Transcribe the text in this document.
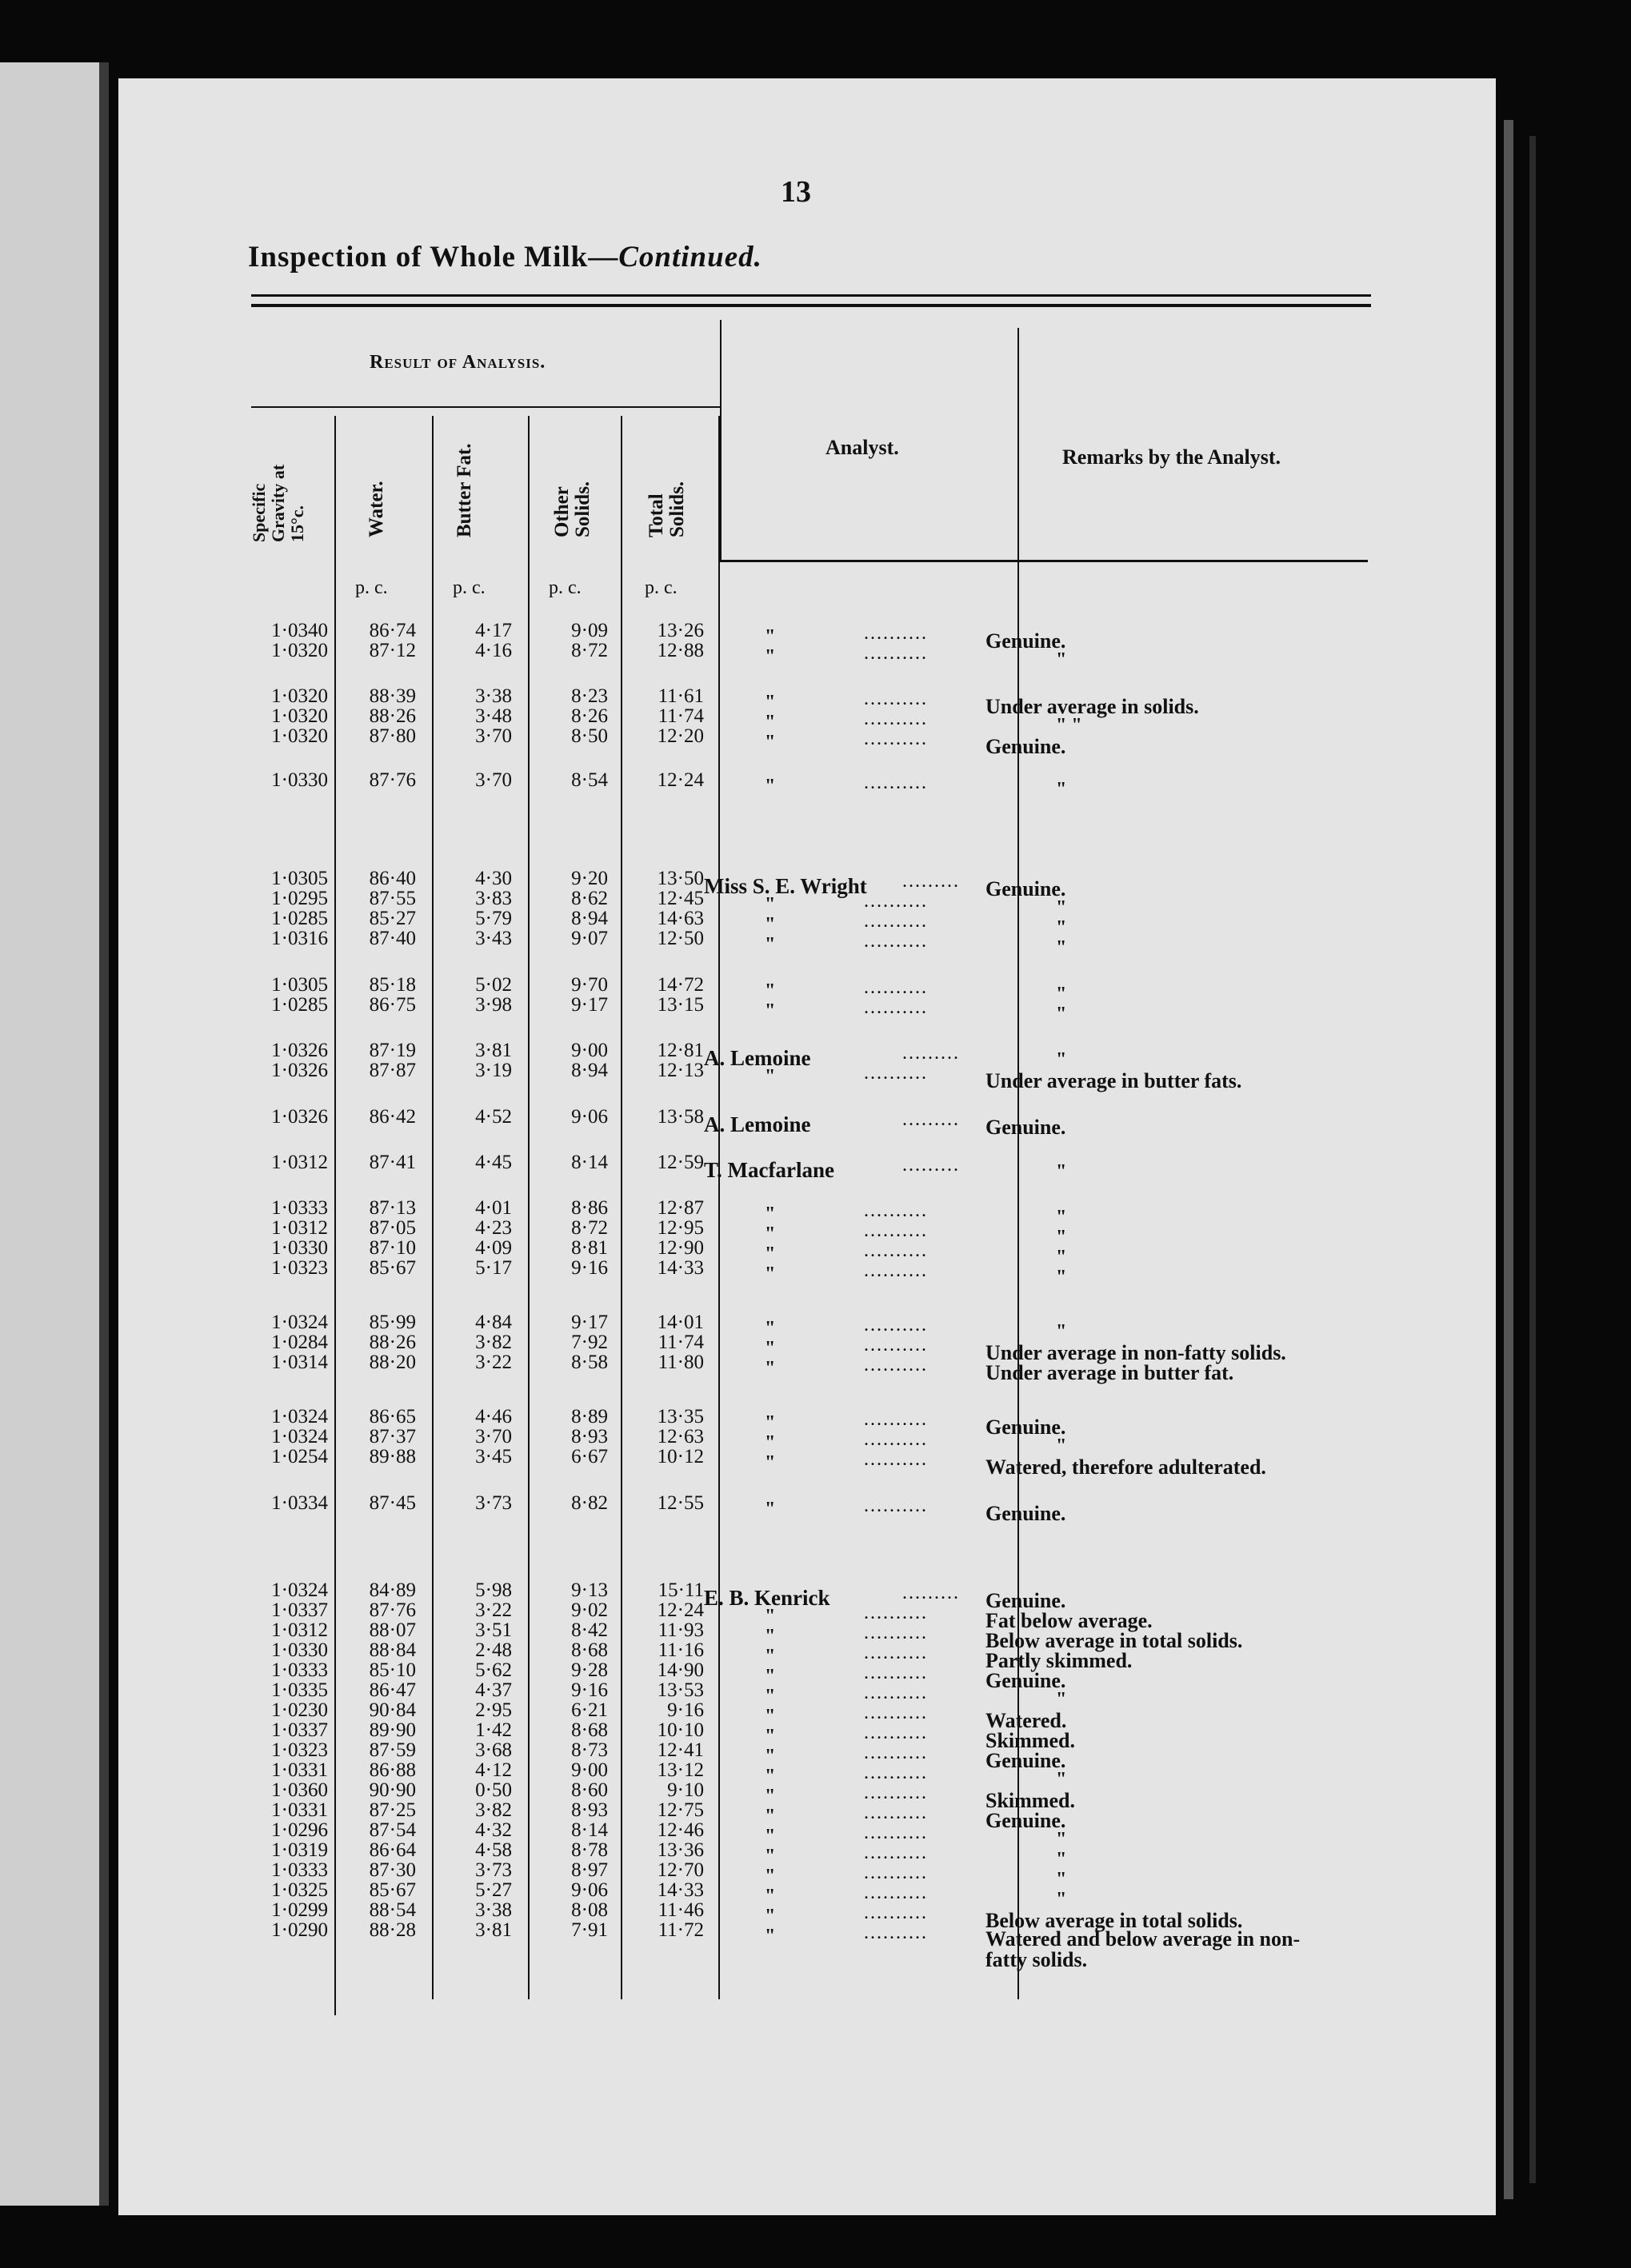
13
Inspection of Whole Milk—Continued.
Result of Analysis.
Analyst.	Remarks by the Analyst.
Specific Gravity at 15°c.	Water.	Butter Fat.	Other Solids.	Total Solids.
p. c.	p. c.	p. c.	p. c.
1·0340	86·74	4·17	9·09	13·26	"	..........	Genuine.
1·0320	87·12	4·16	8·72	12·88	"	..........	"
1·0320	88·39	3·38	8·23	11·61	"	..........	Under average in solids.
1·0320	88·26	3·48	8·26	11·74	"	..........	" "
1·0320	87·80	3·70	8·50	12·20	"	..........	Genuine.
1·0330	87·76	3·70	8·54	12·24	"	..........	"
1·0305	86·40	4·30	9·20	13·50 Miss S. E. Wright ......... Genuine.
1·0295	87·55	3·83	8·62	12·45	"	..........	"
1·0285	85·27	5·79	8·94	14·63	"	..........	"
1·0316	87·40	3·43	9·07	12·50	"	..........	"
1·0305	85·18	5·02	9·70	14·72	"	..........	"
1·0285	86·75	3·98	9·17	13·15	"	..........	"
1·0326	87·19	3·81	9·00	12·81 A. Lemoine	.........	"
1·0326	87·87	3·19	8·94	12·13	"	..........	Under average in butter fats.
1·0326	86·42	4·52	9·06	13·58 A. Lemoine	......... Genuine.
1·0312	87·41	4·45	8·14	12·59 T. Macfarlane	.........	"
1·0333	87·13	4·01	8·86	12·87	"	..........	"
1·0312	87·05	4·23	8·72	12·95	"	..........	"
1·0330	87·10	4·09	8·81	12·90	"	..........	"
1·0323	85·67	5·17	9·16	14·33	"	..........	"
1·0324	85·99	4·84	9·17	14·01	"	..........	"
1·0284	88·26	3·82	7·92	11·74	"	..........	Under average in non-fatty solids.
1·0314	88·20	3·22	8·58	11·80	"	..........	Under average in butter fat.
1·0324	86·65	4·46	8·89	13·35	"	..........	Genuine.
1·0324	87·37	3·70	8·93	12·63	"	..........	"
1·0254	89·88	3·45	6·67	10·12	"	..........	Watered, therefore adulterated.
1·0334	87·45	3·73	8·82	12·55	"	..........	Genuine.
1·0324	84·89	5·98	9·13	15·11 E. B. Kenrick	......... Genuine.
1·0337	87·76	3·22	9·02	12·24	"	..........	Fat below average.
1·0312	88·07	3·51	8·42	11·93	"	..........	Below average in total solids.
1·0330	88·84	2·48	8·68	11·16	"	..........	Partly skimmed.
1·0333	85·10	5·62	9·28	14·90	"	..........	Genuine.
1·0335	86·47	4·37	9·16	13·53	"	..........	"
1·0230	90·84	2·95	6·21	9·16	"	..........	Watered.
1·0337	89·90	1·42	8·68	10·10	"	..........	Skimmed.
1·0323	87·59	3·68	8·73	12·41	"	..........	Genuine.
1·0331	86·88	4·12	9·00	13·12	"	..........	"
1·0360	90·90	0·50	8·60	9·10	"	..........	Skimmed.
1·0331	87·25	3·82	8·93	12·75	"	..........	Genuine.
1·0296	87·54	4·32	8·14	12·46	"	..........	"
1·0319	86·64	4·58	8·78	13·36	"	..........	"
1·0333	87·30	3·73	8·97	12·70	"	..........	"
1·0325	85·67	5·27	9·06	14·33	"	..........	"
1·0299	88·54	3·38	8·08	11·46	"	..........	Below average in total solids.
1·0290	88·28	3·81	7·91	11·72	"	..........	Watered and below average in non-fatty solids.
